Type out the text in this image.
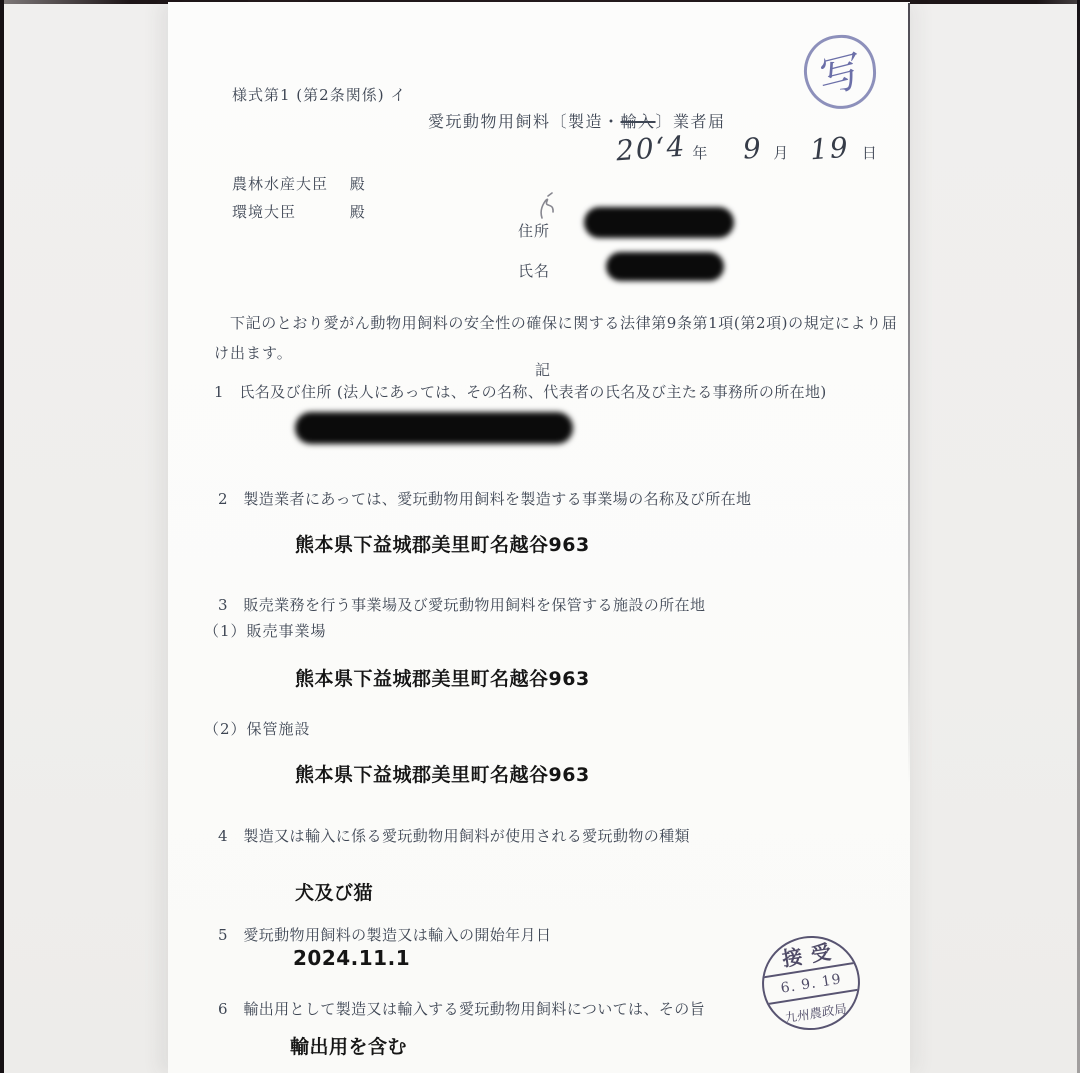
様式第1 (第2条関係) イ
愛玩動物用飼料〔製造・輸入〕業者届
写
20ʻ4 年 9 月 19 日
農林水産大臣 殿
環境大臣	殿
住所
氏名
下記のとおり愛がん動物用飼料の安全性の確保に関する法律第9条第1項(第2項)の規定により届
け出ます。
記
1　氏名及び住所 (法人にあっては、その名称、代表者の氏名及び主たる事務所の所在地)
2　製造業者にあっては、愛玩動物用飼料を製造する事業場の名称及び所在地
熊本県下益城郡美里町名越谷963
3　販売業務を行う事業場及び愛玩動物用飼料を保管する施設の所在地
（1）販売事業場
熊本県下益城郡美里町名越谷963
（2）保管施設
熊本県下益城郡美里町名越谷963
4　製造又は輸入に係る愛玩動物用飼料が使用される愛玩動物の種類
犬及び猫
5　愛玩動物用飼料の製造又は輸入の開始年月日
2024.11.1
6　輸出用として製造又は輸入する愛玩動物用飼料については、その旨
輸出用を含む
接受
6. 9. 19
九州農政局
